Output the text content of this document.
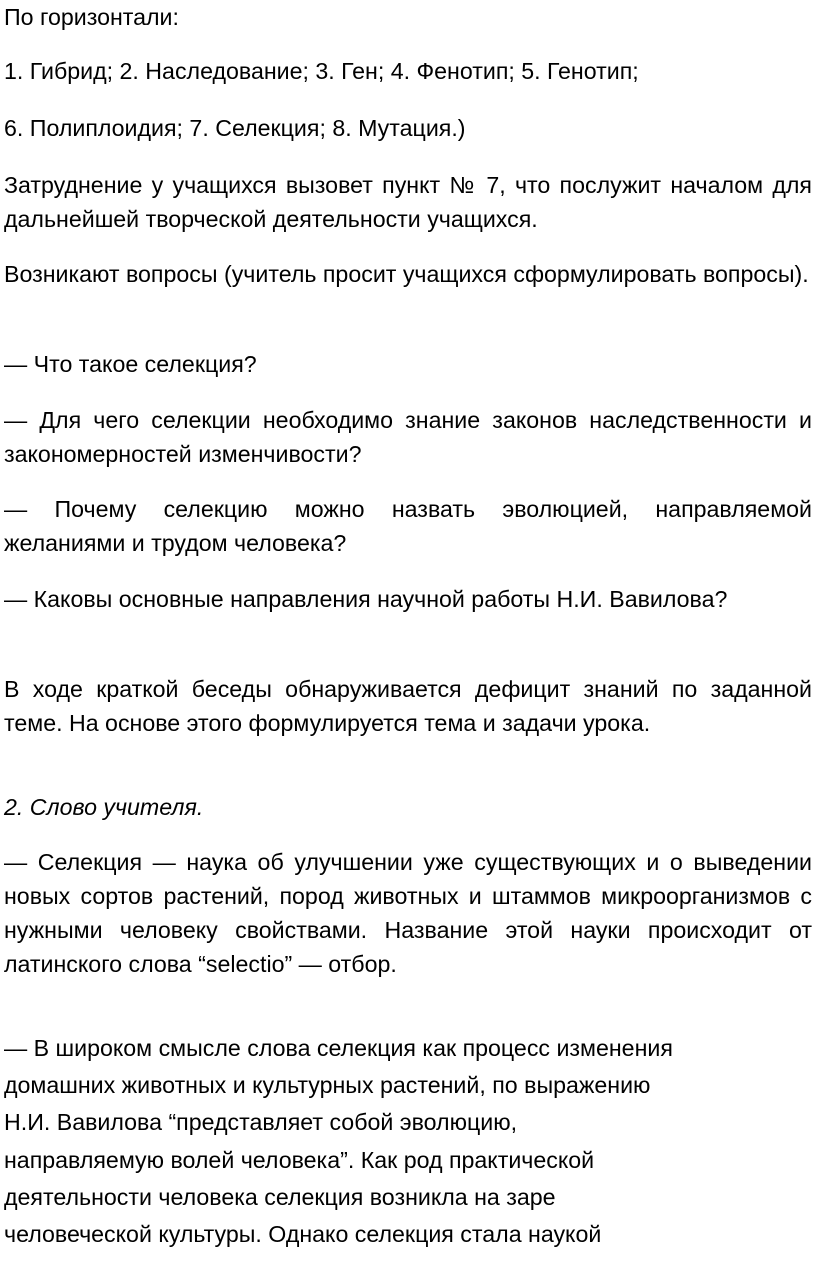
По горизонтали:

1. Гибрид; 2. Наследование; 3. Ген; 4. Фенотип; 5. Генотип;

6. Полиплоидия; 7. Селекция; 8. Мутация.)

Затруднение у учащихся вызовет пункт № 7, что послужит началом для дальнейшей творческой деятельности учащихся.

Возникают вопросы (учитель просит учащихся сформулировать вопросы).

— Что такое селекция?

— Для чего селекции необходимо знание законов наследственности и закономерностей изменчивости?

— Почему селекцию можно назвать эволюцией, направляемой желаниями и трудом человека?

— Каковы основные направления научной работы Н.И. Вавилова?

В ходе краткой беседы обнаруживается дефицит знаний по заданной теме. На основе этого формулируется тема и задачи урока.

2. Слово учителя.

— Селекция — наука об улучшении уже существующих и о выведении новых сортов растений, пород животных и штаммов микроорганизмов с нужными человеку свойствами. Название этой науки происходит от латинского слова “selectio” — отбор.

— В широком смысле слова селекция как процесс изменения

домашних животных и культурных растений, по выражению

Н.И. Вавилова “представляет собой эволюцию,

направляемую волей человека”. Как род практической

деятельности человека селекция возникла на заре

человеческой культуры. Однако селекция стала наукой
